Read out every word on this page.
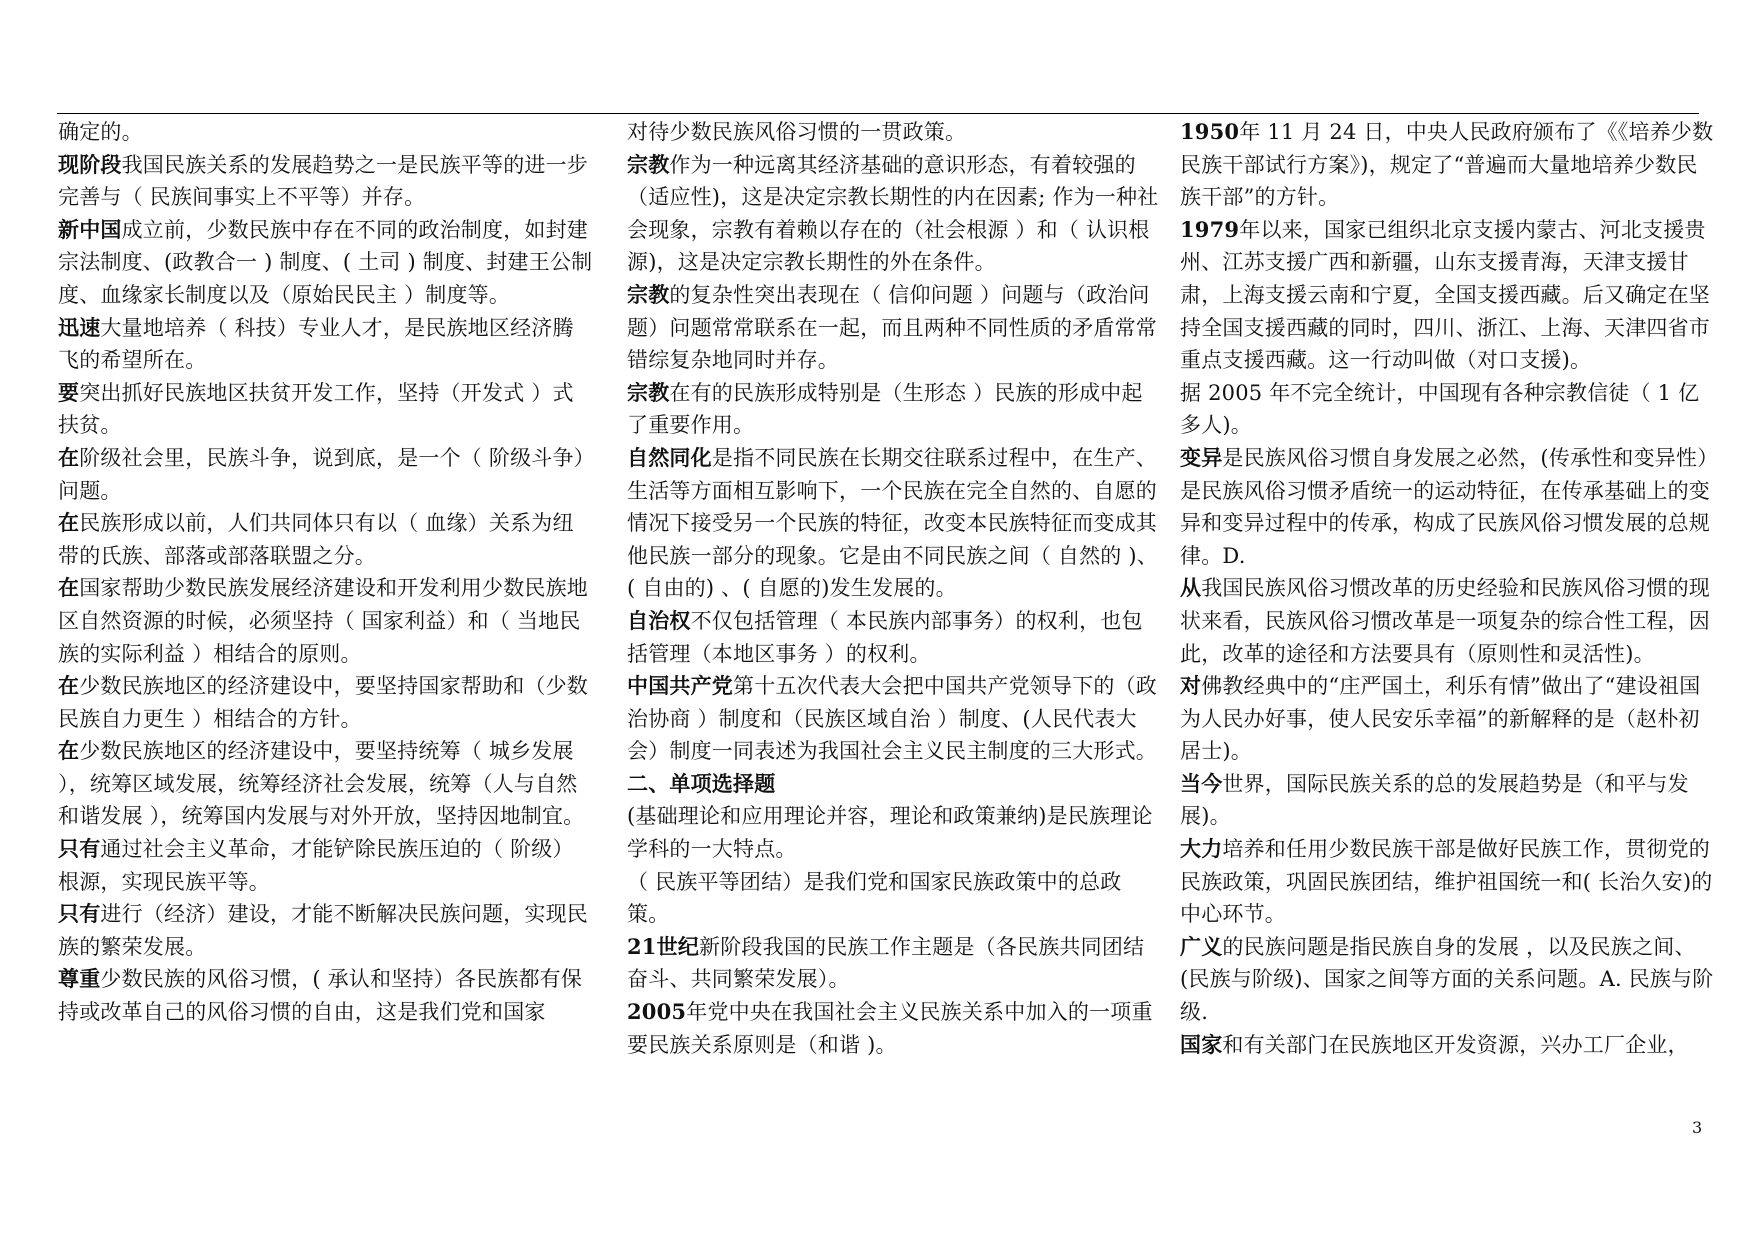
确定的。

现阶段我国民族关系的发展趋势之一是民族平等的进一步完善与（ 民族间事实上不平等）并存。

新中国成立前，少数民族中存在不同的政治制度，如封建宗法制度、(政教合一 ) 制度、( 土司 ) 制度、封建王公制度、血缘家长制度以及（原始民民主 ）制度等。

迅速大量地培养（ 科技）专业人才，是民族地区经济腾飞的希望所在。

要突出抓好民族地区扶贫开发工作，坚持（开发式 ）式扶贫。

在阶级社会里，民族斗争，说到底，是一个（ 阶级斗争）问题。

在民族形成以前，人们共同体只有以（ 血缘）关系为纽带的氏族、部落或部落联盟之分。

在国家帮助少数民族发展经济建设和开发利用少数民族地区自然资源的时候，必须坚持（ 国家利益）和（ 当地民族的实际利益 ）相结合的原则。

在少数民族地区的经济建设中，要坚持国家帮助和（少数民族自力更生 ）相结合的方针。

在少数民族地区的经济建设中，要坚持统筹（ 城乡发展 ），统筹区域发展，统筹经济社会发展，统筹（人与自然和谐发展 ），统筹国内发展与对外开放，坚持因地制宜。

只有通过社会主义革命，才能铲除民族压迫的（ 阶级）根源，实现民族平等。

只有进行（经济）建设，才能不断解决民族问题，实现民族的繁荣发展。

尊重少数民族的风俗习惯，( 承认和坚持）各民族都有保持或改革自己的风俗习惯的自由，这是我们党和国家

对待少数民族风俗习惯的一贯政策。

宗教作为一种远离其经济基础的意识形态，有着较强的（适应性)，这是决定宗教长期性的内在因素; 作为一种社会现象，宗教有着赖以存在的（社会根源 ）和（ 认识根源)，这是决定宗教长期性的外在条件。

宗教的复杂性突出表现在（ 信仰问题 ）问题与（政治问题）问题常常联系在一起，而且两种不同性质的矛盾常常错综复杂地同时并存。

宗教在有的民族形成特别是（生形态 ）民族的形成中起了重要作用。

自然同化是指不同民族在长期交往联系过程中，在生产、生活等方面相互影响下，一个民族在完全自然的、自愿的情况下接受另一个民族的特征，改变本民族特征而变成其他民族一部分的现象。它是由不同民族之间（ 自然的 )、( 自由的) 、( 自愿的)发生发展的。

自治权不仅包括管理（ 本民族内部事务）的权利，也包括管理（本地区事务 ）的权利。

中国共产党第十五次代表大会把中国共产党领导下的（政治协商 ）制度和（民族区域自治 ）制度、(人民代表大会）制度一同表述为我国社会主义民主制度的三大形式。

二、单项选择题

(基础理论和应用理论并容，理论和政策兼纳)是民族理论学科的一大特点。

（ 民族平等团结）是我们党和国家民族政策中的总政策。

21世纪新阶段我国的民族工作主题是（各民族共同团结奋斗、共同繁荣发展）。

2005年党中央在我国社会主义民族关系中加入的一项重要民族关系原则是（和谐 )。

1950年 11 月 24 日，中央人民政府颁布了《《培养少数民族干部试行方案》)，规定了“普遍而大量地培养少数民族干部”的方针。

1979年以来，国家已组织北京支援内蒙古、河北支援贵州、江苏支援广西和新疆，山东支援青海，天津支援甘肃，上海支援云南和宁夏，全国支援西藏。后又确定在坚持全国支援西藏的同时，四川、浙江、上海、天津四省市重点支援西藏。这一行动叫做（对口支援)。

据 2005 年不完全统计，中国现有各种宗教信徒（ 1 亿多人)。

变异是民族风俗习惯自身发展之必然，(传承性和变异性）是民族风俗习惯矛盾统一的运动特征，在传承基础上的变异和变异过程中的传承，构成了民族风俗习惯发展的总规律。D.

从我国民族风俗习惯改革的历史经验和民族风俗习惯的现状来看，民族风俗习惯改革是一项复杂的综合性工程，因此，改革的途径和方法要具有（原则性和灵活性)。

对佛教经典中的“庄严国土，利乐有情”做出了“建设祖国为人民办好事，使人民安乐幸福”的新解释的是（赵朴初居士)。

当今世界，国际民族关系的总的发展趋势是（和平与发展)。

大力培养和任用少数民族干部是做好民族工作，贯彻党的民族政策，巩固民族团结，维护祖国统一和( 长治久安)的中心环节。

广义的民族问题是指民族自身的发展 ，以及民族之间、(民族与阶级)、国家之间等方面的关系问题。A. 民族与阶级.

国家和有关部门在民族地区开发资源，兴办工厂企业，

3
